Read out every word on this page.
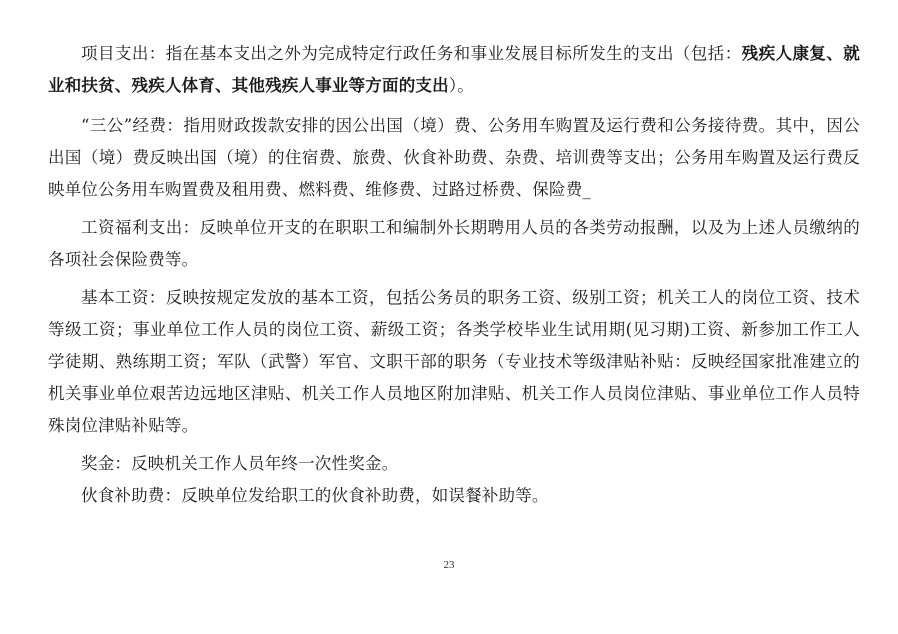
项目支出：指在基本支出之外为完成特定行政任务和事业发展目标所发生的支出（包括：残疾人康复、就业和扶贫、残疾人体育、其他残疾人事业等方面的支出）。

“三公”经费：指用财政拨款安排的因公出国（境）费、公务用车购置及运行费和公务接待费。其中，因公出国（境）费反映出国（境）的住宿费、旅费、伙食补助费、杂费、培训费等支出；公务用车购置及运行费反映单位公务用车购置费及租用费、燃料费、维修费、过路过桥费、保险费_

工资福利支出：反映单位开支的在职职工和编制外长期聘用人员的各类劳动报酬，以及为上述人员缴纳的各项社会保险费等。

基本工资：反映按规定发放的基本工资，包括公务员的职务工资、级别工资；机关工人的岗位工资、技术等级工资；事业单位工作人员的岗位工资、薪级工资；各类学校毕业生试用期(见习期)工资、新参加工作工人学徒期、熟练期工资；军队（武警）军官、文职干部的职务（专业技术等级津贴补贴：反映经国家批准建立的机关事业单位艰苦边远地区津贴、机关工作人员地区附加津贴、机关工作人员岗位津贴、事业单位工作人员特殊岗位津贴补贴等。

奖金：反映机关工作人员年终一次性奖金。

伙食补助费：反映单位发给职工的伙食补助费，如误餐补助等。

23
